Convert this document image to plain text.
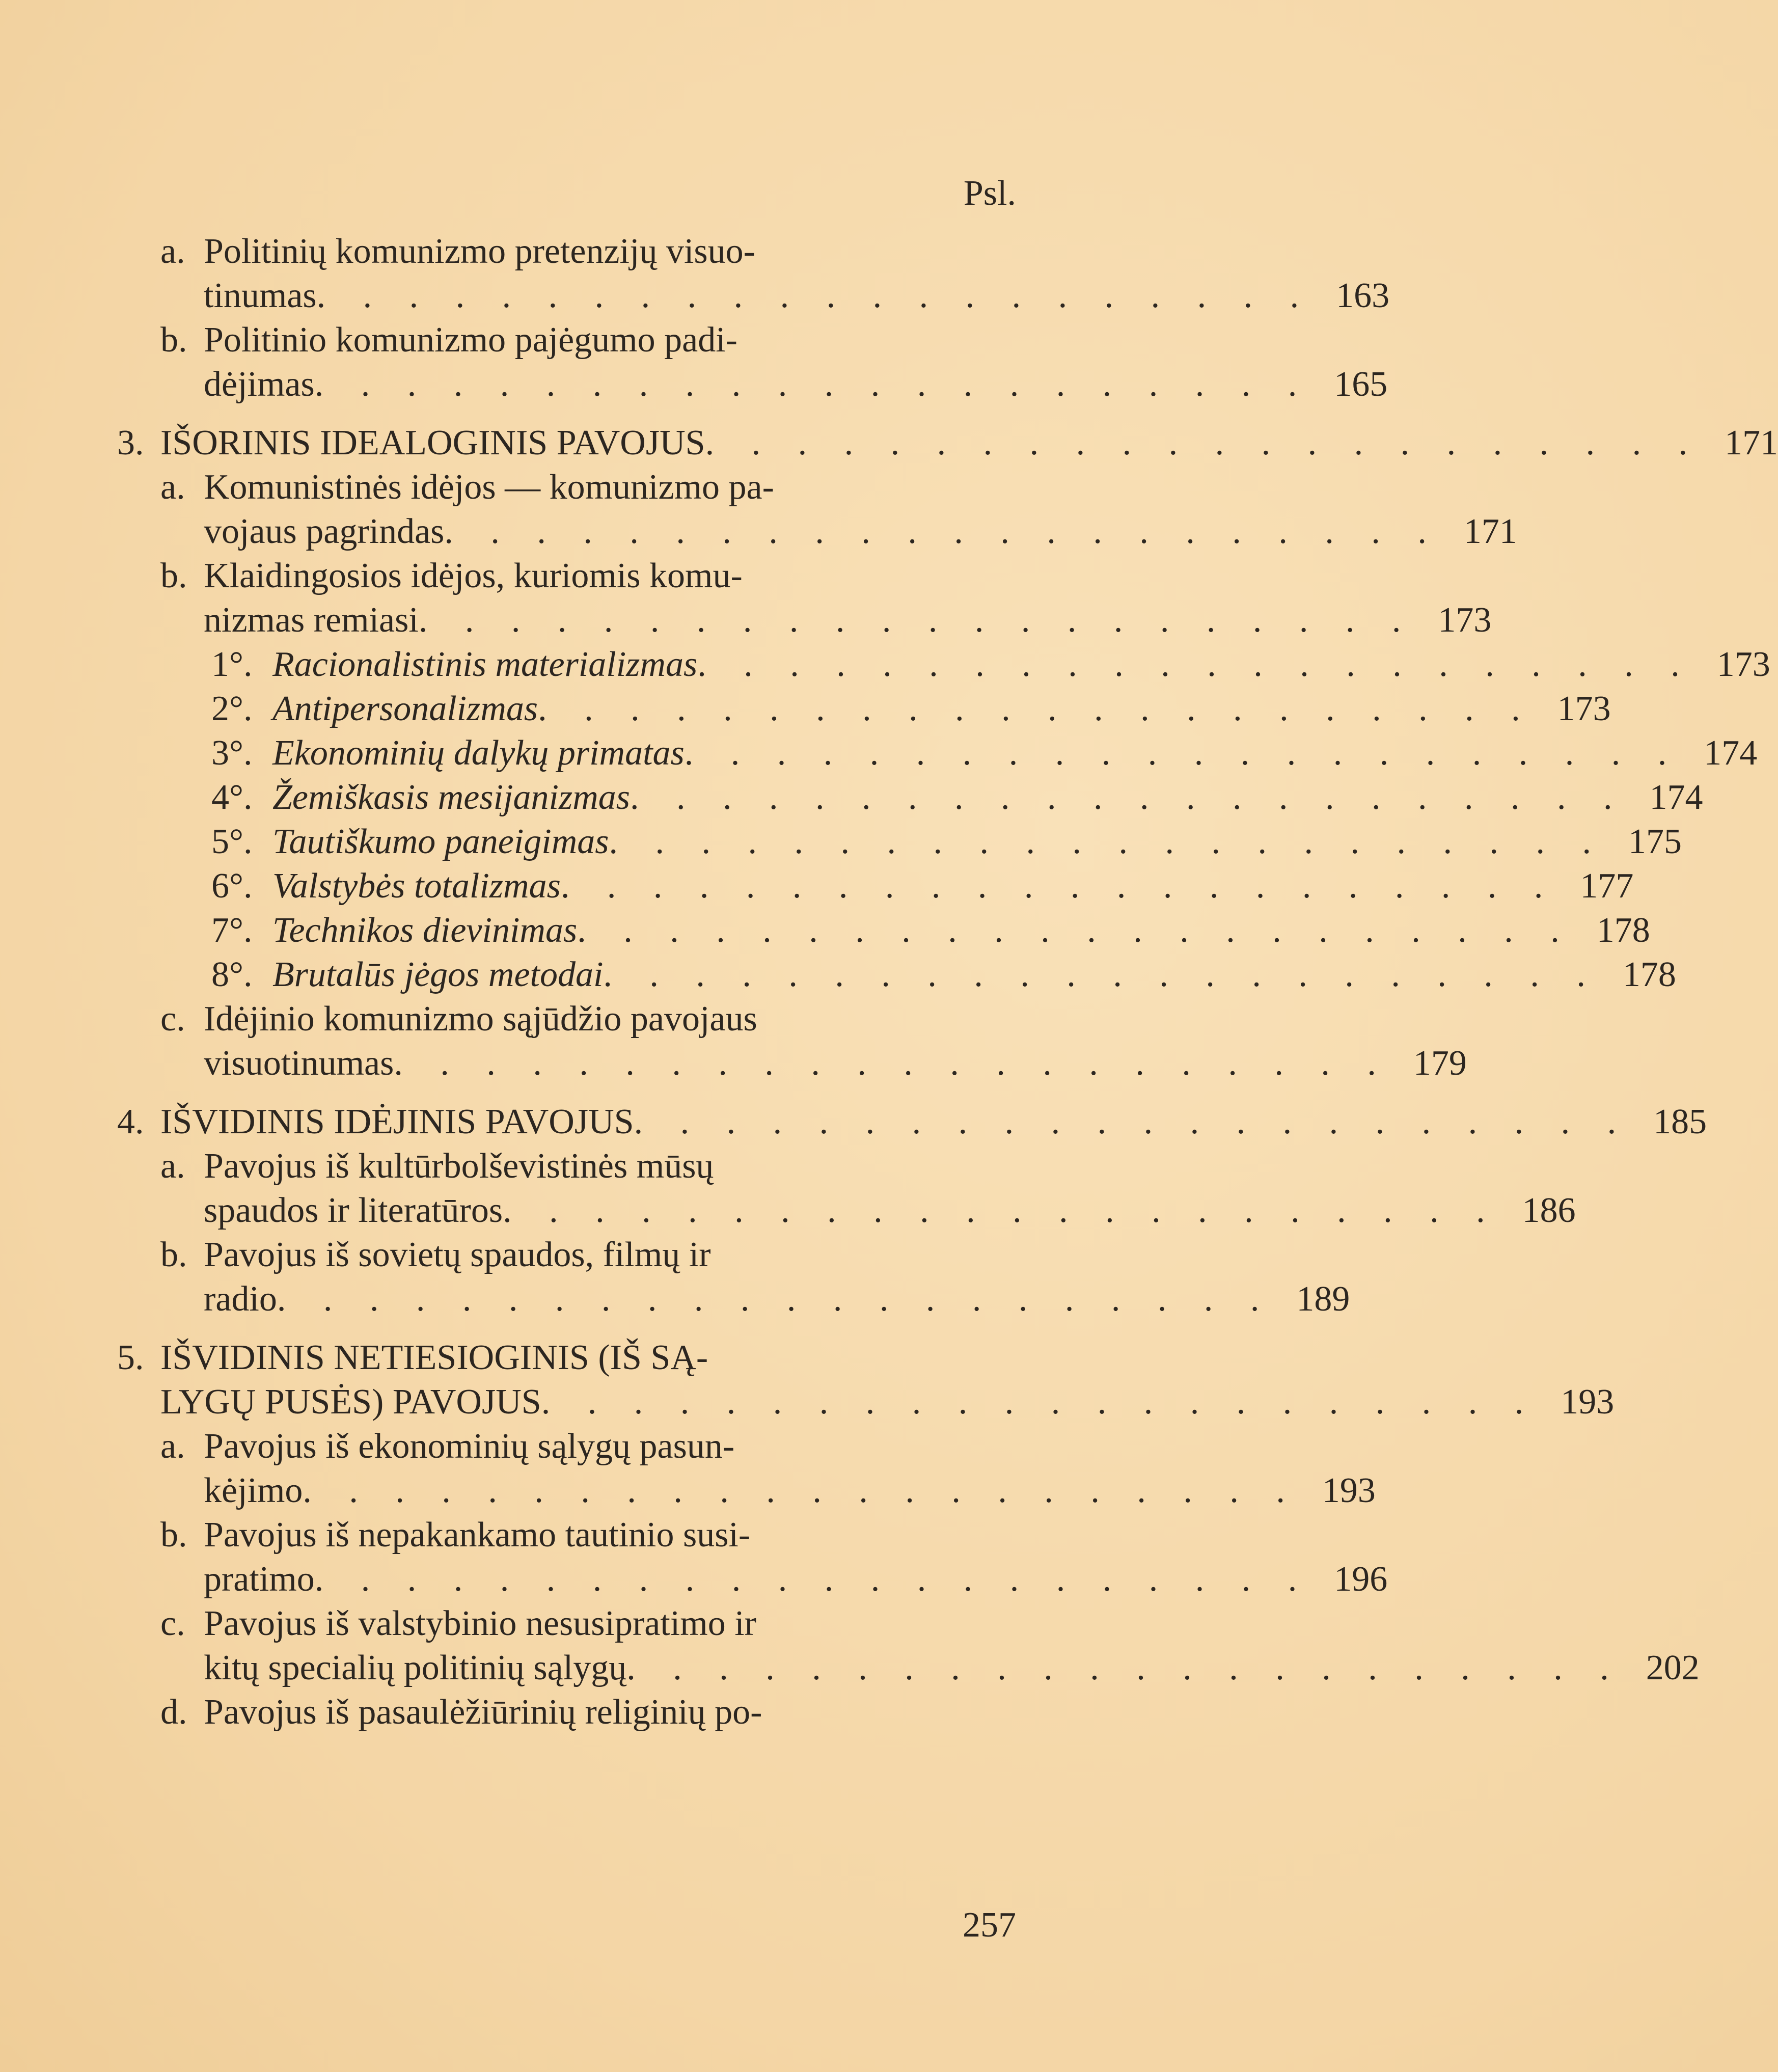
Psl.
a. Politinių komunizmo pretenzijų visuo-
tinumas . . . . . . . . . . . . . . . . . . . . . . 163
b. Politinio komunizmo pajėgumo padi-
dėjimas . . . . . . . . . . . . . . . . . . . . . . 165
3. IŠORINIS IDEALOGINIS PAVOJUS . . . . . . . . . . . . . . . . . . . . . . 171
a. Komunistinės idėjos — komunizmo pa-
vojaus pagrindas . . . . . . . . . . . . . . . . . . . . . . 171
b. Klaidingosios idėjos, kuriomis komu-
nizmas remiasi . . . . . . . . . . . . . . . . . . . . . . 173
1°. Racionalistinis materializmas . . . . . . . . . . . . . . . . . . . . . . 173
2°. Antipersonalizmas . . . . . . . . . . . . . . . . . . . . . . 173
3°. Ekonominių dalykų primatas . . . . . . . . . . . . . . . . . . . . . . 174
4°. Žemiškasis mesijanizmas . . . . . . . . . . . . . . . . . . . . . . 174
5°. Tautiškumo paneigimas . . . . . . . . . . . . . . . . . . . . . . 175
6°. Valstybės totalizmas . . . . . . . . . . . . . . . . . . . . . . 177
7°. Technikos dievinimas . . . . . . . . . . . . . . . . . . . . . . 178
8°. Brutalūs jėgos metodai . . . . . . . . . . . . . . . . . . . . . . 178
c. Idėjinio komunizmo sąjūdžio pavojaus
visuotinumas . . . . . . . . . . . . . . . . . . . . . . 179
4. IŠVIDINIS IDĖJINIS PAVOJUS . . . . . . . . . . . . . . . . . . . . . . 185
a. Pavojus iš kultūrbolševistinės mūsų
spaudos ir literatūros . . . . . . . . . . . . . . . . . . . . . . 186
b. Pavojus iš sovietų spaudos, filmų ir
radio . . . . . . . . . . . . . . . . . . . . . . 189
5. IŠVIDINIS NETIESIOGINIS (IŠ SĄ-
LYGŲ PUSĖS) PAVOJUS . . . . . . . . . . . . . . . . . . . . . . 193
a. Pavojus iš ekonominių sąlygų pasun-
kėjimo . . . . . . . . . . . . . . . . . . . . . . 193
b. Pavojus iš nepakankamo tautinio susi-
pratimo . . . . . . . . . . . . . . . . . . . . . . 196
c. Pavojus iš valstybinio nesusipratimo ir
kitų specialių politinių sąlygų . . . . . . . . . . . . . . . . . . . . . . 202
d. Pavojus iš pasaulėžiūrinių religinių po-
257
